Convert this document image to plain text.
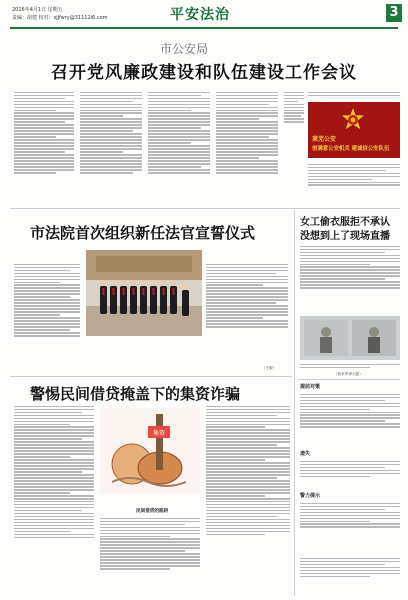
2016年4月1日 星期五
责编：胡建 校对：sjjfwry@31112i6.com	平安法治	3
市公安局
召开党风廉政建设和队伍建设工作会议
莱芜公安
创满意公安机关 建诚信公安队伍
市法院首次组织新任法官宣誓仪式
（王敏）
女工偷衣服拒不承认
没想到上了现场直播
（张来军徐大磊）
警惕民间借贷掩盖下的集资诈骗
集资
民间借贷的陷阱
提前对策
遗失
警力提示
